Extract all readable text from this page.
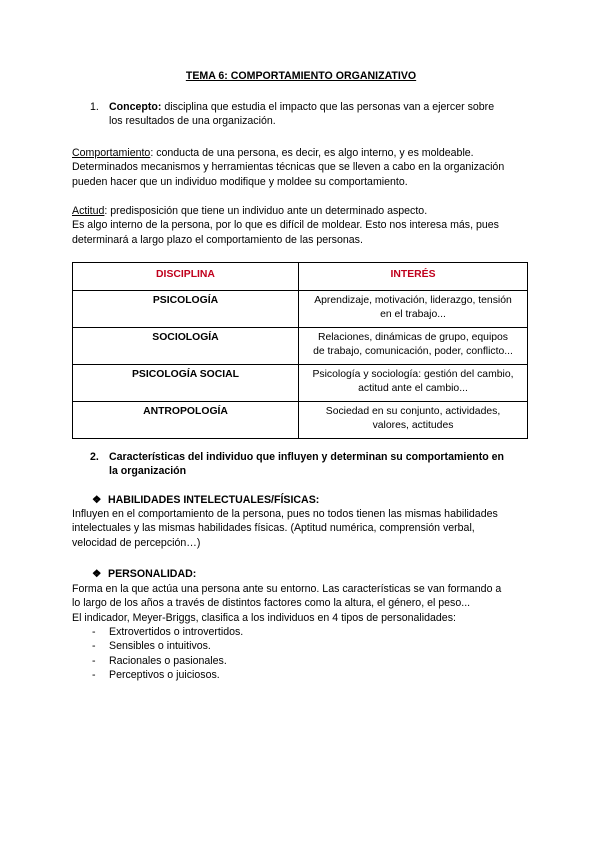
TEMA 6: COMPORTAMIENTO ORGANIZATIVO
1. Concepto: disciplina que estudia el impacto que las personas van a ejercer sobre
los resultados de una organización.
Comportamiento: conducta de una persona, es decir, es algo interno, y es moldeable.
Determinados mecanismos y herramientas técnicas que se lleven a cabo en la organización
pueden hacer que un individuo modifique y moldee su comportamiento.
Actitud: predisposición que tiene un individuo ante un determinado aspecto.
Es algo interno de la persona, por lo que es difícil de moldear. Esto nos interesa más, pues
determinará a largo plazo el comportamiento de las personas.
DISCIPLINA	INTERÉS
PSICOLOGÍA	Aprendizaje, motivación, liderazgo, tensión
en el trabajo...
SOCIOLOGÍA	Relaciones, dinámicas de grupo, equipos
de trabajo, comunicación, poder, conflicto...
PSICOLOGÍA SOCIAL	Psicología y sociología: gestión del cambio,
actitud ante el cambio...
ANTROPOLOGÍA	Sociedad en su conjunto, actividades,
valores, actitudes
2. Características del individuo que influyen y determinan su comportamiento en
la organización
❖ HABILIDADES INTELECTUALES/FÍSICAS:
Influyen en el comportamiento de la persona, pues no todos tienen las mismas habilidades
intelectuales y las mismas habilidades físicas. (Aptitud numérica, comprensión verbal,
velocidad de percepción…)
❖ PERSONALIDAD:
Forma en la que actúa una persona ante su entorno. Las características se van formando a
lo largo de los años a través de distintos factores como la altura, el género, el peso...
El indicador, Meyer-Briggs, clasifica a los individuos en 4 tipos de personalidades:
- Extrovertidos o introvertidos.
- Sensibles o intuitivos.
- Racionales o pasionales.
- Perceptivos o juiciosos.
